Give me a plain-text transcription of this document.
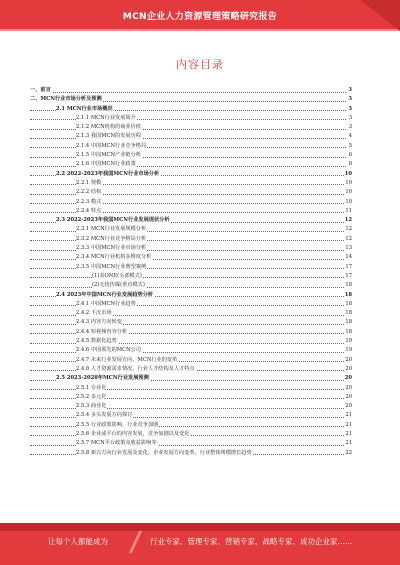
MCN企业人力资源管理策略研究报告
内容目录
一、前言	3
二、MCN行业市场分析及预测	3
2.1 MCN行业市场概况	3
2.1.1 MCN行业发展简介	3
2.1.2 MCN机构的商业价值	3
2.1.3 我国MCN的发展历程	4
2.1.4 中国MCN行业竞争格局	5
2.1.5 中国MCN产业链分析	6
2.1.6 中国MCN行业政策	8
2.2 2022-2023年我国MCN行业市场分析	10
2.2.1 规模	10
2.2.2 结构	10
2.2.3 模式	10
2.2.4 特点	11
2.3 2022-2023年我国MCN行业发展现状分析	12
2.3.1 MCN行业发展规模分析	12
2.3.2 MCN行业竞争格局分析	12
2.3.3 中国MCN行业市场分析	13
2.3.4 MCN行业机构多维度分析	14
2.3.5 中国MCN行业典型案例	17
(1)美ONE(头部模式)	17
(2)无忧传媒(垂直模式)	18
2.4 2023年中国MCN行业发展趋势分析	18
2.4.1 中国MCN行业趋势	18
2.4.2 下沉市场	18
2.4.3 内容方向转变	18
2.4.4 短视频内容分析	18
2.4.5 数据化趋势	19
2.4.6 中国领先的MCN公司	19
2.4.7 未来行业发展方向，MCN行业的变革	20
2.4.8 人才资源需求情况，行业人才结构及人才特点	20
2.5 2023-2028年MCN行业发展预测	20
2.5.1 专业化	20
2.5.2 多元化	20
2.5.3 商业化	20
2.5.4 多头发展方向探讨	21
2.5.5 行业政策影响，行业竞争加剧	21
2.5.6 企业或平台的内容发展，竞争加剧以及变化	21
2.5.7 MCN平台政策及收益影响等	21
2.5.8 新兴方向行业发展及变化，企业发展方向变革，行业整体规模增长趋势	22
让每个人都能成为	行业专家、管理专家、营销专家、战略专家、成功企业家……
